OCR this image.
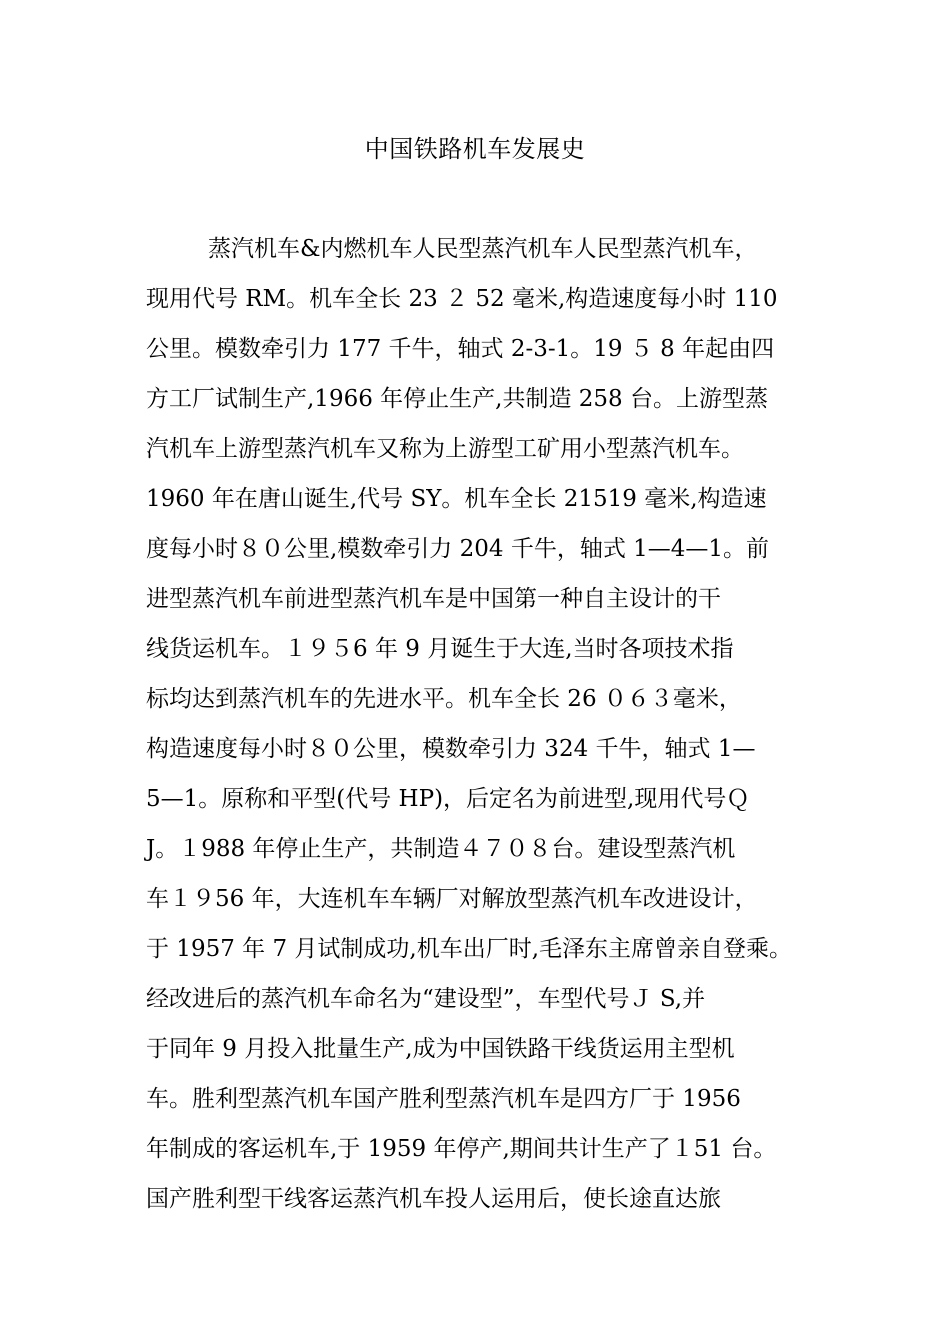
中国铁路机车发展史
蒸汽机车&内燃机车人民型蒸汽机车人民型蒸汽机车，
现用代号 RM。机车全长 23 ２ 52 毫米,构造速度每小时 110
公里。模数牵引力 177 千牛，轴式 2-3-1。19 ５ 8 年起由四
方工厂试制生产,1966 年停止生产,共制造 258 台。上游型蒸
汽机车上游型蒸汽机车又称为上游型工矿用小型蒸汽机车。
1960 年在唐山诞生,代号 SY。机车全长 21519 毫米,构造速
度每小时８０公里,模数牵引力 204 千牛，轴式 1—4—1。前
进型蒸汽机车前进型蒸汽机车是中国第一种自主设计的干
线货运机车。１９５6 年 9 月诞生于大连,当时各项技术指
标均达到蒸汽机车的先进水平。机车全长 26 ０６３毫米，
构造速度每小时８０公里，模数牵引力 324 千牛，轴式 1—
5—1。原称和平型(代号 HP)，后定名为前进型,现用代号Ｑ
J。１988 年停止生产，共制造４７０８台。建设型蒸汽机
车１９56 年，大连机车车辆厂对解放型蒸汽机车改进设计，
于 1957 年 7 月试制成功,机车出厂时,毛泽东主席曾亲自登乘。
经改进后的蒸汽机车命名为“建设型”，车型代号Ｊ S,并
于同年 9 月投入批量生产,成为中国铁路干线货运用主型机
车。胜利型蒸汽机车国产胜利型蒸汽机车是四方厂于 1956
年制成的客运机车,于 1959 年停产,期间共计生产了１51 台。
国产胜利型干线客运蒸汽机车投人运用后，使长途直达旅
